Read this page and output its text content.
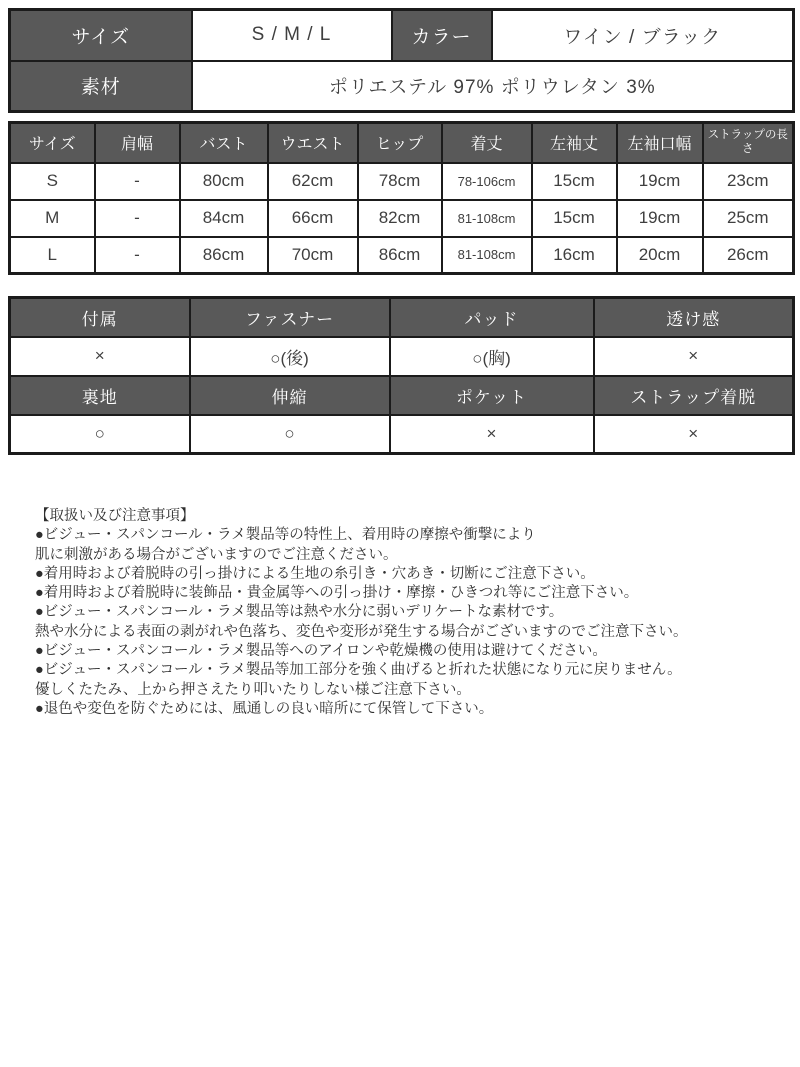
サイズ	S / M / L	カラー	ワイン / ブラック
素材	ポリエステル 97% ポリウレタン 3%		
サイズ	肩幅	バスト	ウエスト	ヒップ	着丈	左袖丈	左袖口幅	ストラップの長さ
S	-	80cm	62cm	78cm	78-106cm	15cm	19cm	23cm
M	-	84cm	66cm	82cm	81-108cm	15cm	19cm	25cm
L	-	86cm	70cm	86cm	81-108cm	16cm	20cm	26cm
付属	ファスナー	パッド	透け感
×	○(後)	○(胸)	×
裏地	伸縮	ポケット	ストラップ着脱
○	○	×	×
【取扱い及び注意事項】
●ビジュー・スパンコール・ラメ製品等の特性上、着用時の摩擦や衝撃により
肌に刺激がある場合がございますのでご注意ください。
●着用時および着脱時の引っ掛けによる生地の糸引き・穴あき・切断にご注意下さい。
●着用時および着脱時に装飾品・貴金属等への引っ掛け・摩擦・ひきつれ等にご注意下さい。
●ビジュー・スパンコール・ラメ製品等は熱や水分に弱いデリケートな素材です。
熱や水分による表面の剥がれや色落ち、変色や変形が発生する場合がございますのでご注意下さい。
●ビジュー・スパンコール・ラメ製品等へのアイロンや乾燥機の使用は避けてください。
●ビジュー・スパンコール・ラメ製品等加工部分を強く曲げると折れた状態になり元に戻りません。
優しくたたみ、上から押さえたり叩いたりしない様ご注意下さい。
●退色や変色を防ぐためには、風通しの良い暗所にて保管して下さい。
